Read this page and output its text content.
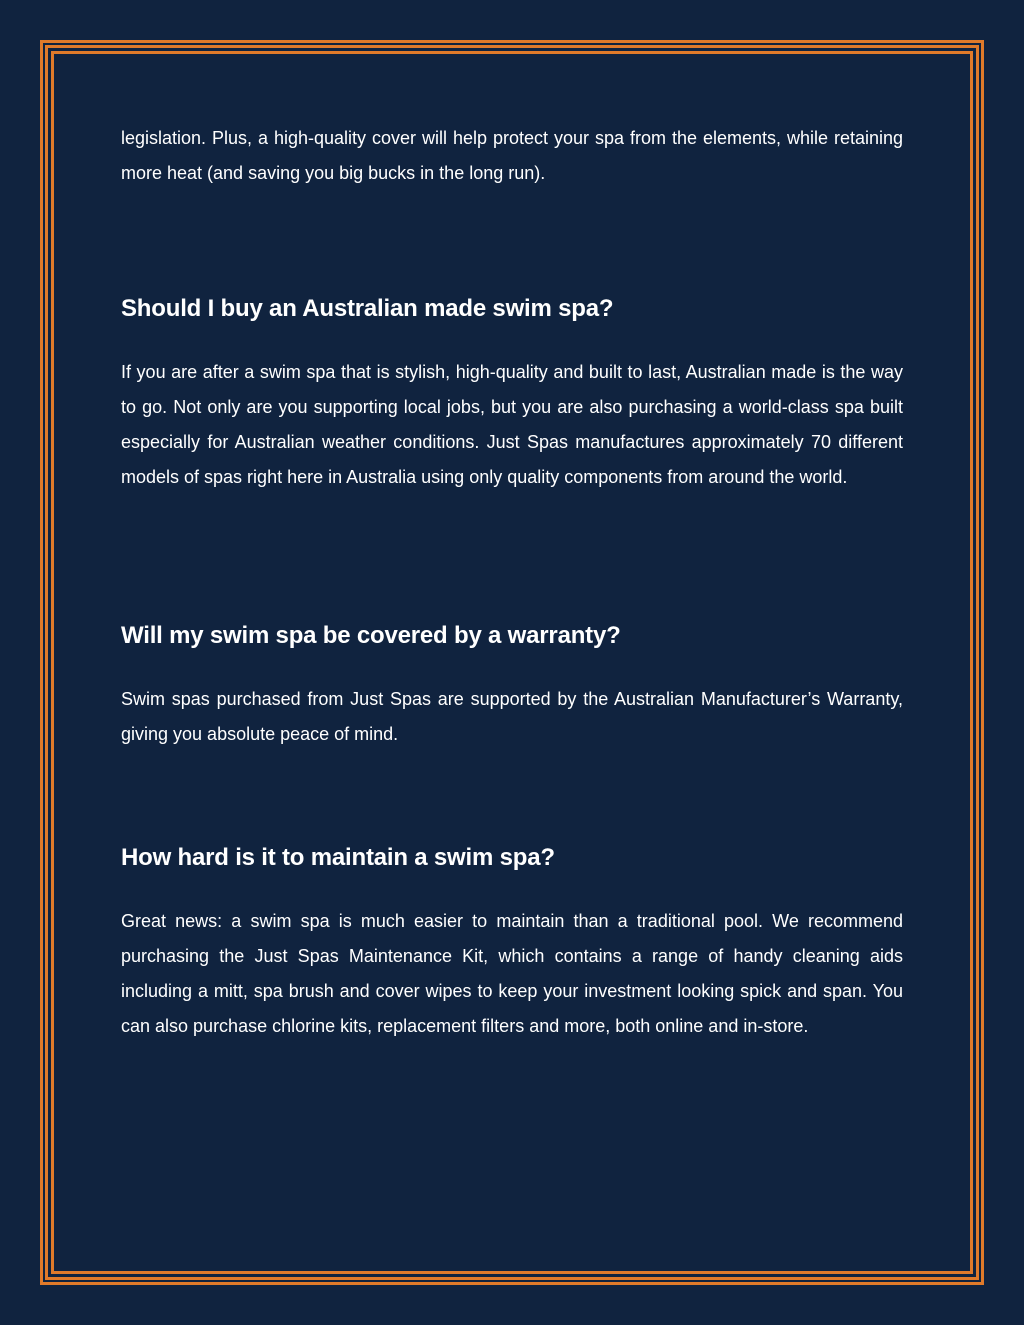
legislation. Plus, a high-quality cover will help protect your spa from the elements, while retaining more heat (and saving you big bucks in the long run).

Should I buy an Australian made swim spa?

If you are after a swim spa that is stylish, high-quality and built to last, Australian made is the way to go. Not only are you supporting local jobs, but you are also purchasing a world-class spa built especially for Australian weather conditions. Just Spas manufactures approximately 70 different models of spas right here in Australia using only quality components from around the world.

Will my swim spa be covered by a warranty?

Swim spas purchased from Just Spas are supported by the Australian Manufacturer’s Warranty, giving you absolute peace of mind.

How hard is it to maintain a swim spa?

Great news: a swim spa is much easier to maintain than a traditional pool. We recommend purchasing the Just Spas Maintenance Kit, which contains a range of handy cleaning aids including a mitt, spa brush and cover wipes to keep your investment looking spick and span. You can also purchase chlorine kits, replacement filters and more, both online and in-store.
